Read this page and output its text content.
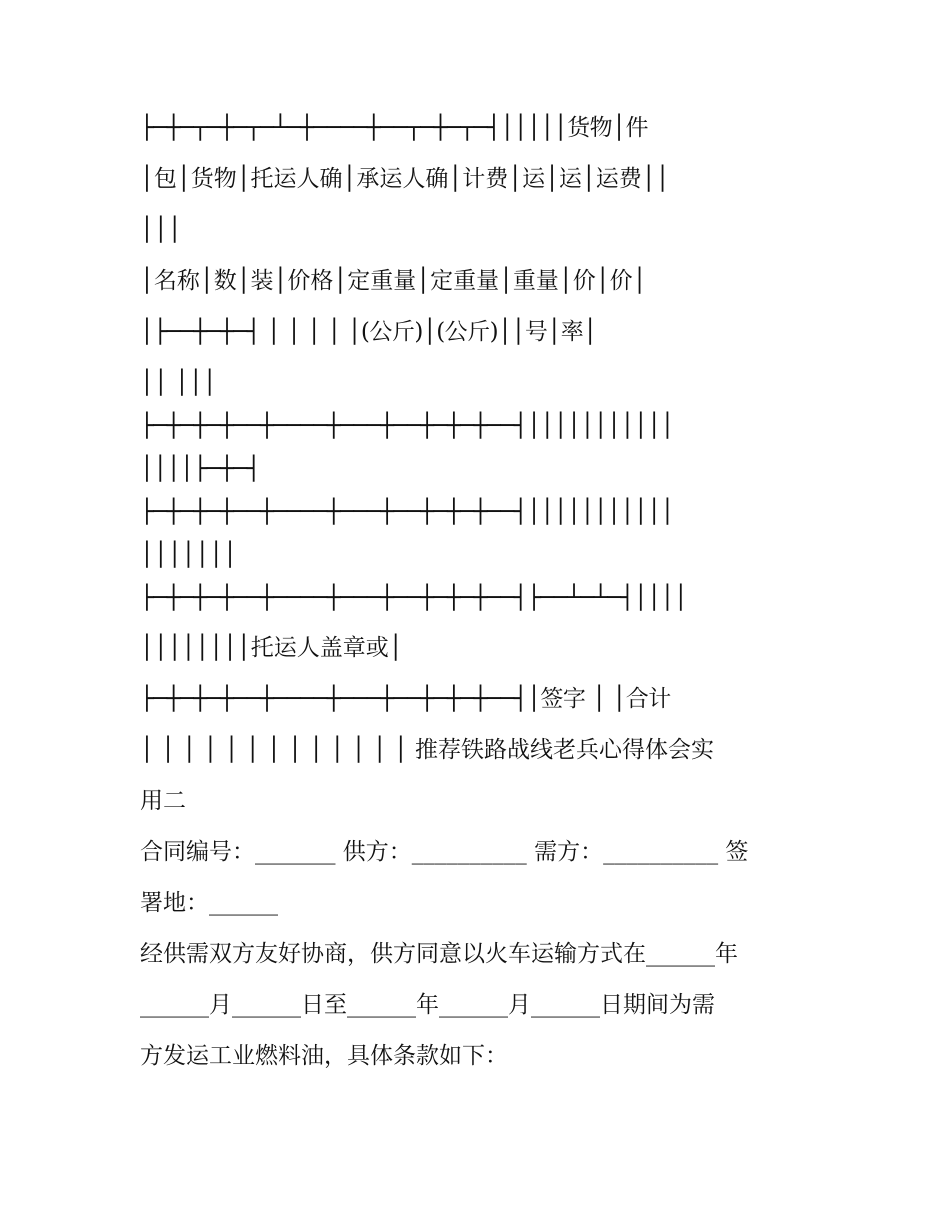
├─┼─┬─┼─┬─┴─┼────┼──┬─┼─┬─┤│││││货物│件
│包│货物│托运人确│承运人确│计费│运│运│运费││
│││
│名称│数│装│价格│定重量│定重量│重量│价│价│
│├──┼─┼─┤ │ │ │ │ │(公斤)│(公斤)││号│率│
││ │││
├─┼─┼─┼──┼────┼───┼──┼─┼─┼──┤│││││││││││
││││├─┼─┤
├─┼─┼─┼──┼────┼───┼──┼─┼─┼──┤│││││││││││
│││││││
├─┼─┼─┼──┼────┼───┼──┼─┼─┼──┤├──┴─┴─┤││││
││││││││托运人盖章或│
├─┼─┼─┼──┼────┼───┼──┼─┼─┼──┤│签字 │ │合计
│ │ │ │ │ │ │ │ │ │ │ │ │ 推荐铁路战线老兵心得体会实
用二
合同编号：_______ 供方：__________ 需方：__________ 签
署地：______
经供需双方友好协商，供方同意以火车运输方式在______年
______月______日至______年______月______日期间为需
方发运工业燃料油，具体条款如下：
